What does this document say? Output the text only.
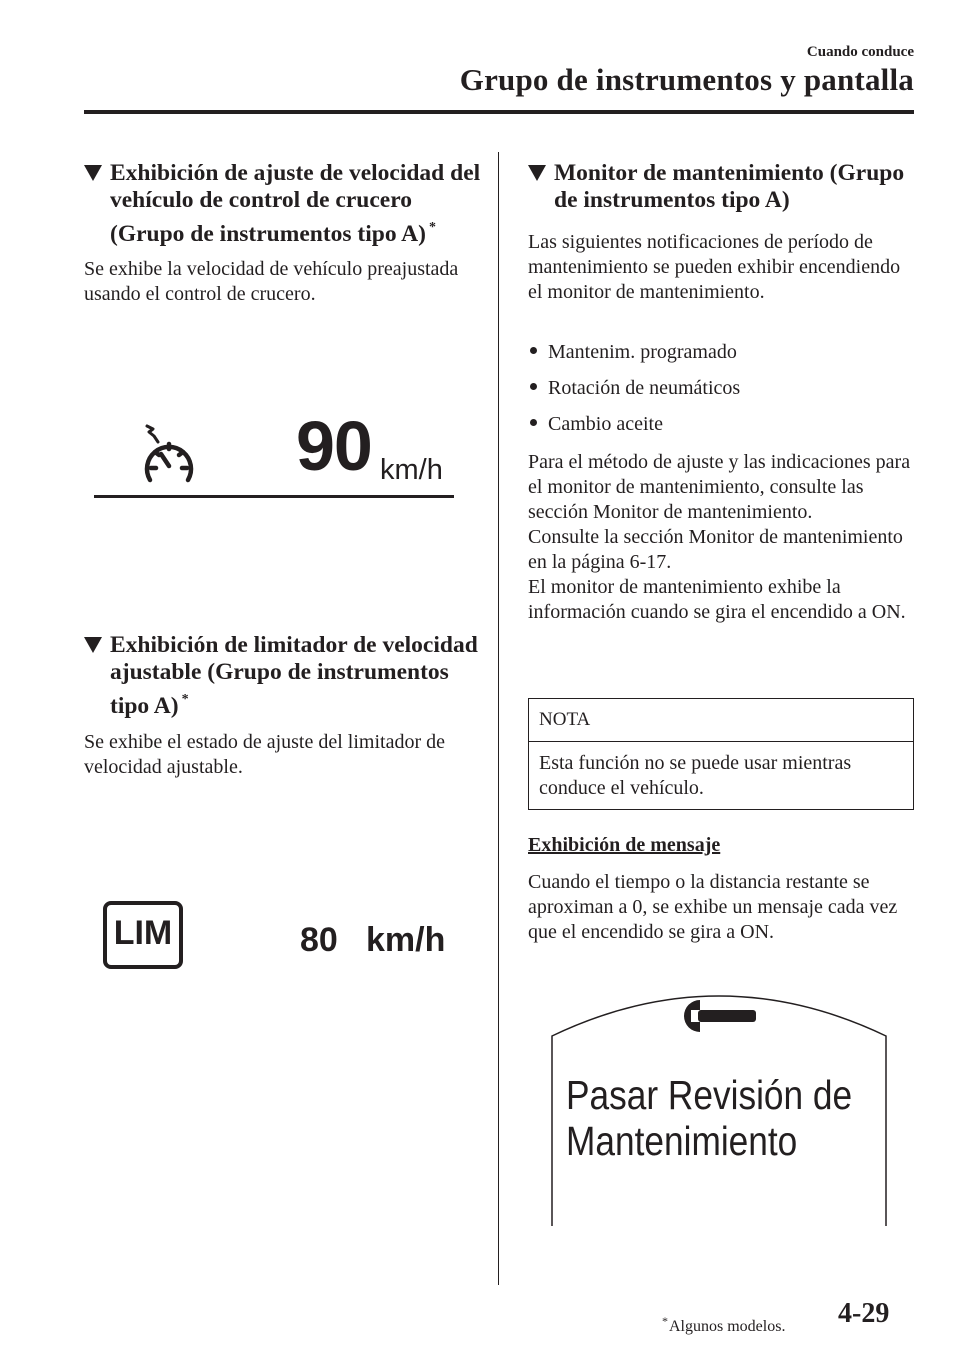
Cuando conduce
Grupo de instrumentos y pantalla
Exhibición de ajuste de velocidad del vehículo de control de crucero (Grupo de instrumentos tipo A) *
Se exhibe la velocidad de vehículo preajustada usando el control de crucero.
90 km/h
Exhibición de limitador de velocidad ajustable (Grupo de instrumentos tipo A) *
Se exhibe el estado de ajuste del limitador de velocidad ajustable.
LIM	80 km/h
Monitor de mantenimiento (Grupo de instrumentos tipo A)
Las siguientes notificaciones de período de mantenimiento se pueden exhibir encendiendo el monitor de mantenimiento.
Mantenim. programado
Rotación de neumáticos
Cambio aceite
Para el método de ajuste y las indicaciones para el monitor de mantenimiento, consulte las sección Monitor de mantenimiento.
Consulte la sección Monitor de mantenimiento en la página 6-17.
El monitor de mantenimiento exhibe la información cuando se gira el encendido a ON.
NOTA
Esta función no se puede usar mientras conduce el vehículo.
Exhibición de mensaje
Cuando el tiempo o la distancia restante se aproximan a 0, se exhibe un mensaje cada vez que el encendido se gira a ON.
Pasar Revisión de
Mantenimiento
*Algunos modelos. 4-29
